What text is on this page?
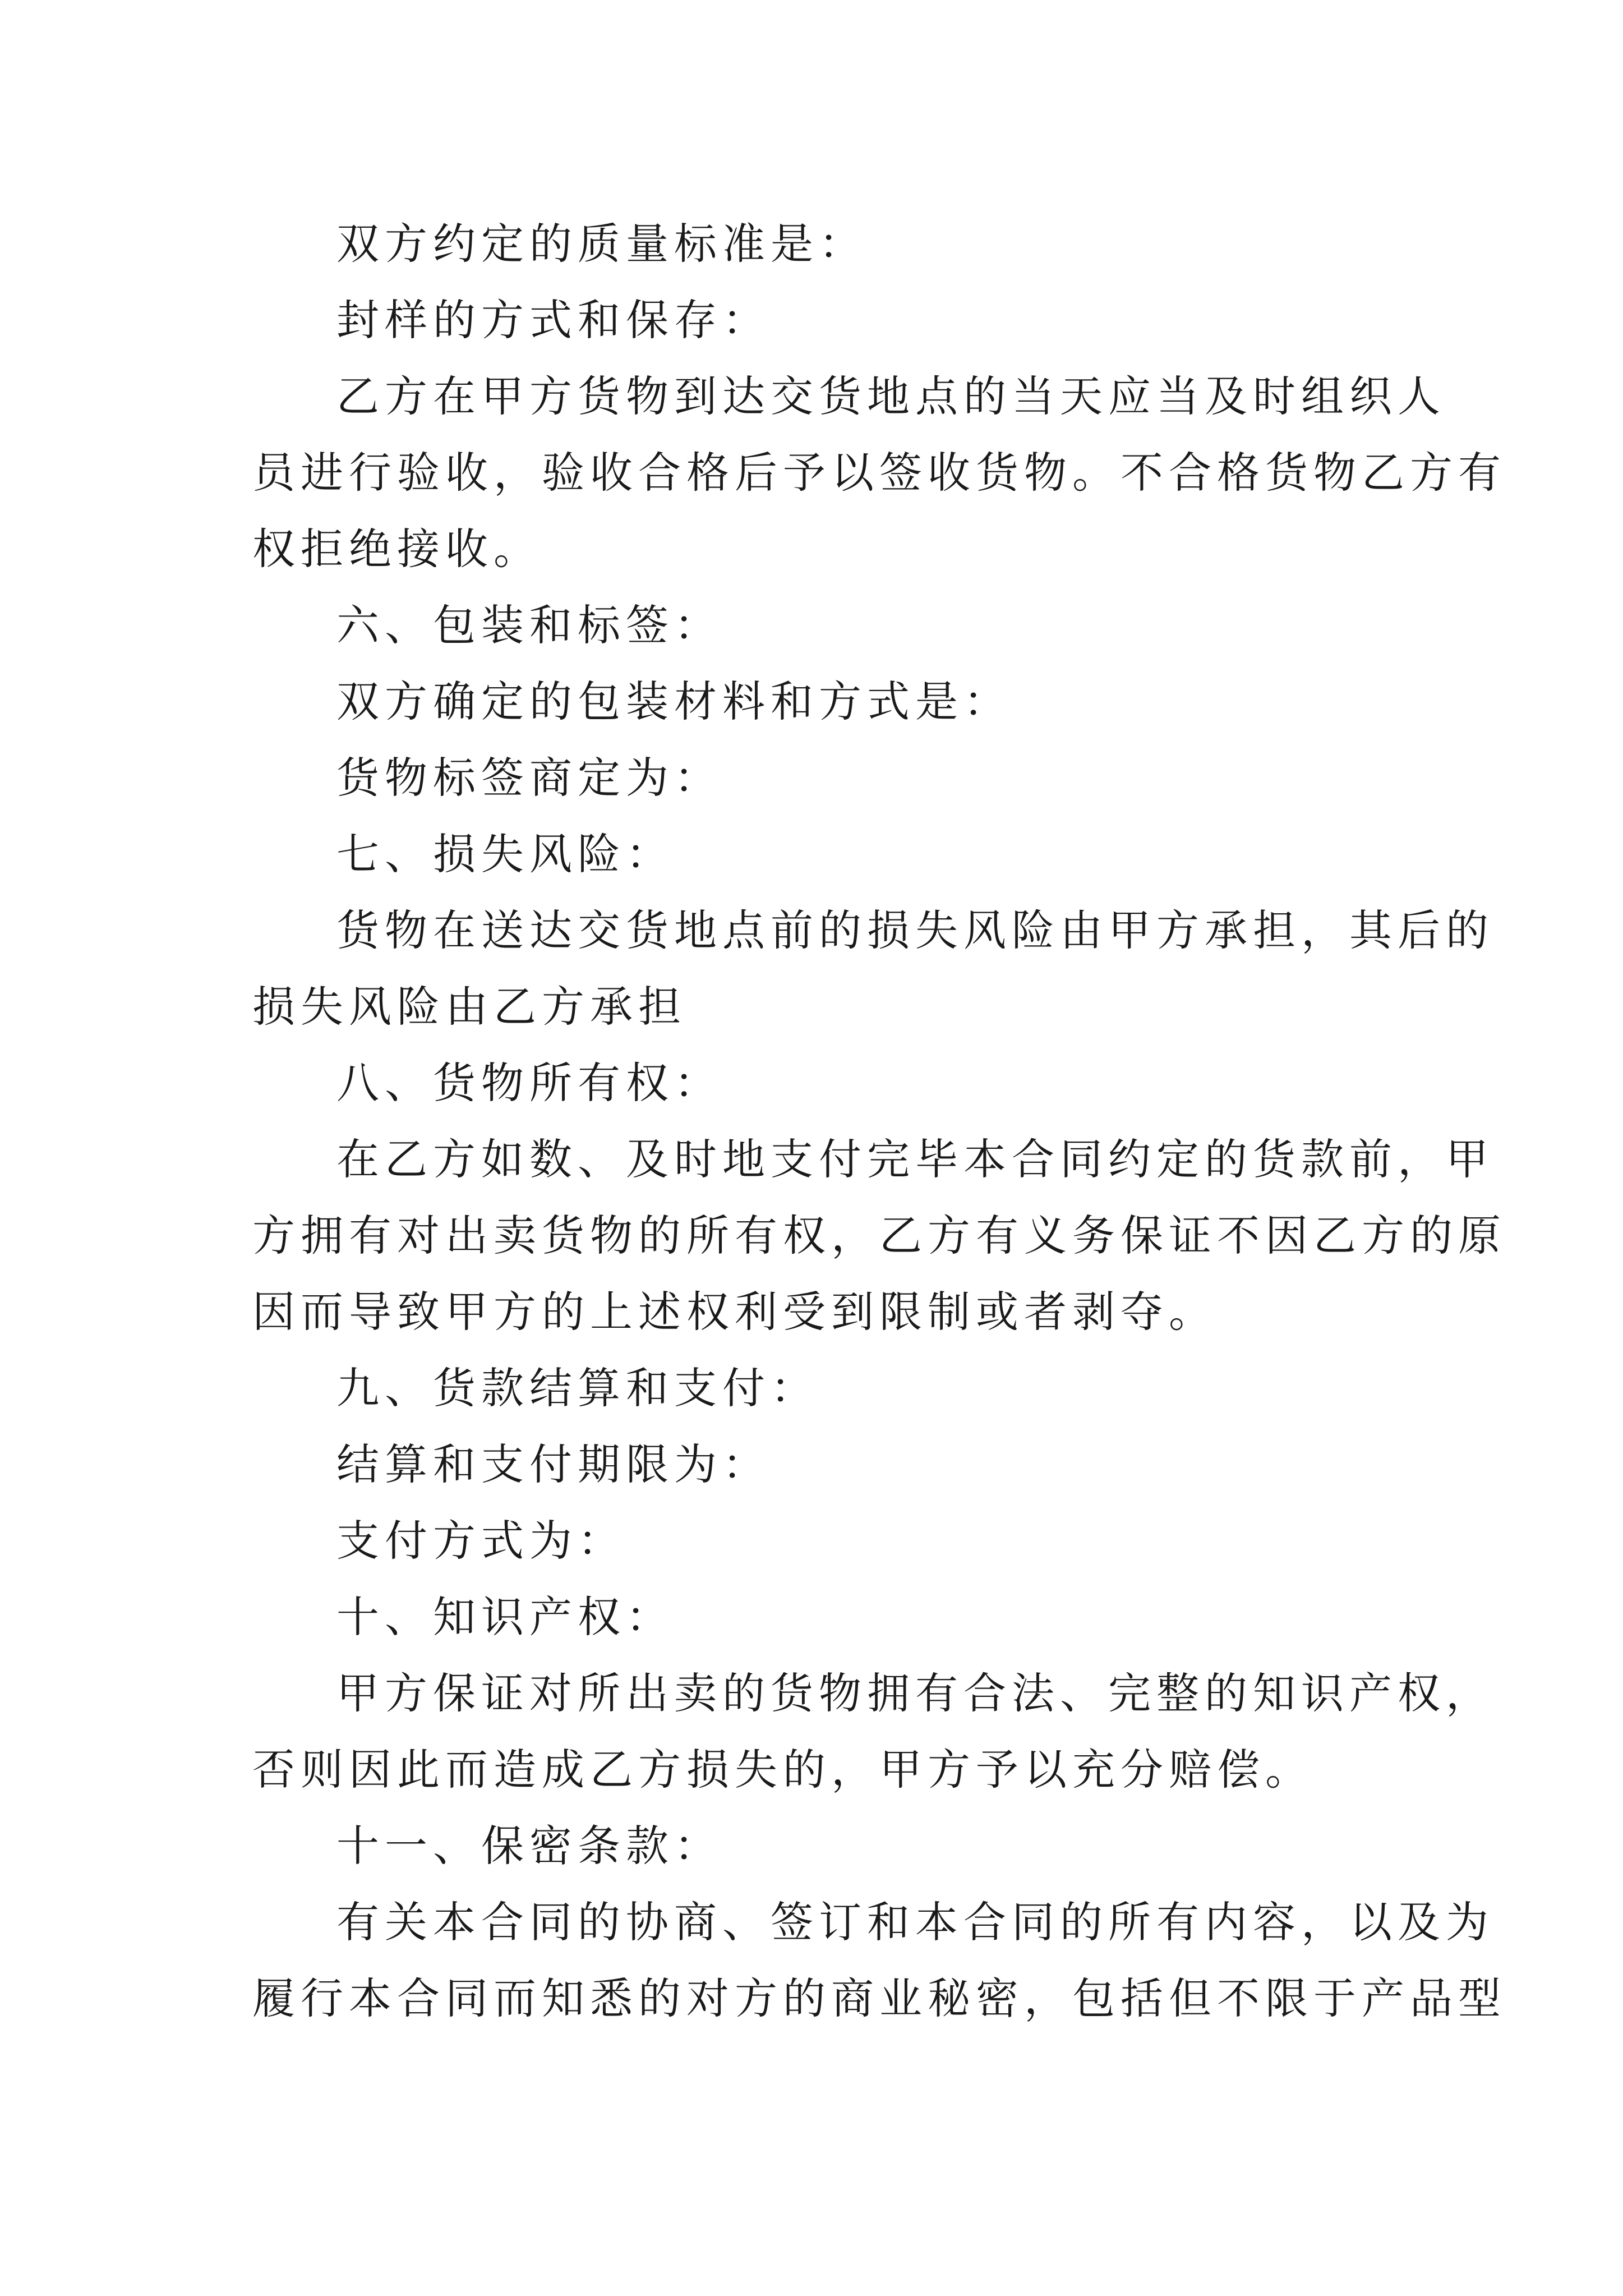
双方约定的质量标准是：
封样的方式和保存：
乙方在甲方货物到达交货地点的当天应当及时组织人
员进行验收，验收合格后予以签收货物。不合格货物乙方有
权拒绝接收。
六、包装和标签：
双方确定的包装材料和方式是：
货物标签商定为：
七、损失风险：
货物在送达交货地点前的损失风险由甲方承担，其后的
损失风险由乙方承担
八、货物所有权：
在乙方如数、及时地支付完毕本合同约定的货款前，甲
方拥有对出卖货物的所有权，乙方有义务保证不因乙方的原
因而导致甲方的上述权利受到限制或者剥夺。
九、货款结算和支付：
结算和支付期限为：
支付方式为：
十、知识产权：
甲方保证对所出卖的货物拥有合法、完整的知识产权，
否则因此而造成乙方损失的，甲方予以充分赔偿。
十一、保密条款：
有关本合同的协商、签订和本合同的所有内容，以及为
履行本合同而知悉的对方的商业秘密，包括但不限于产品型
